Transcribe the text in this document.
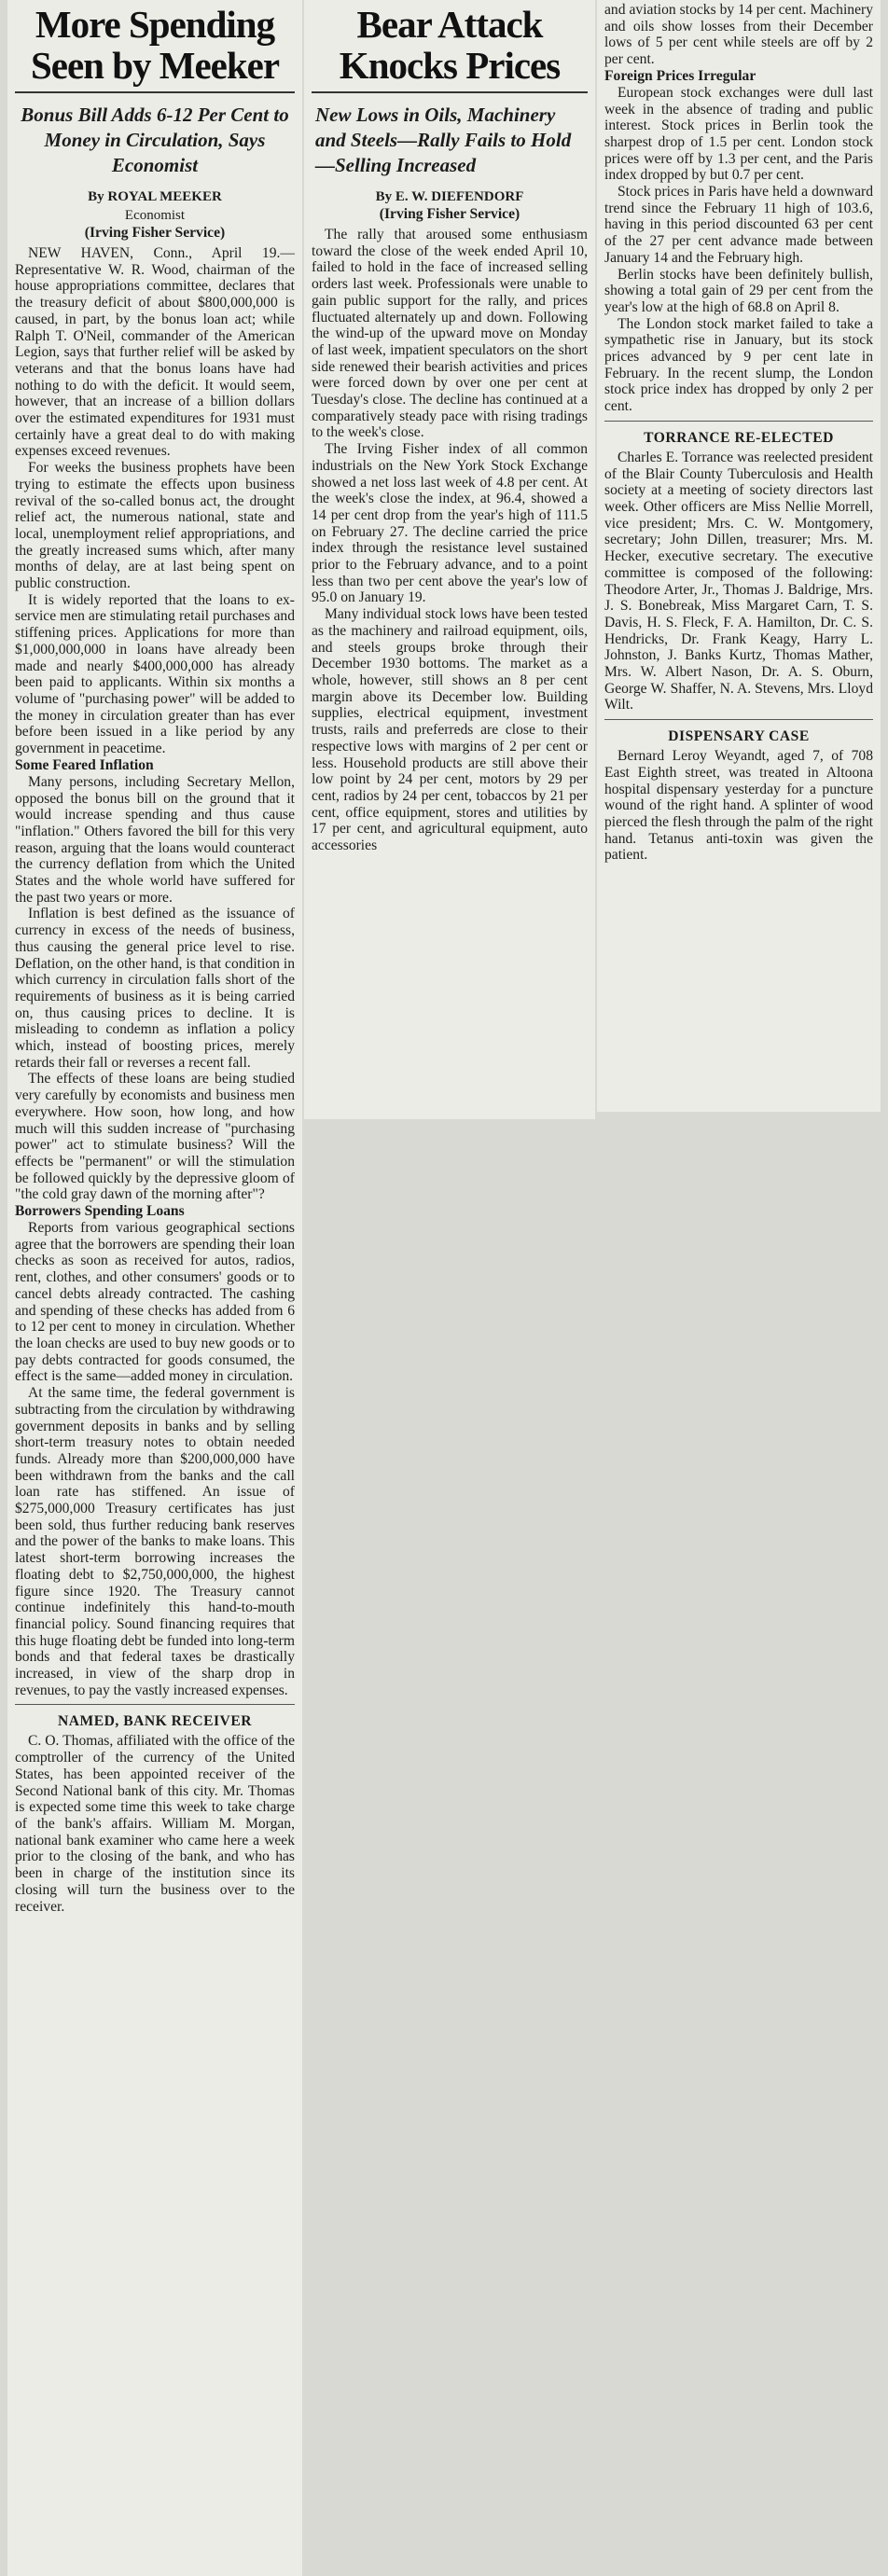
More Spending Seen by Meeker
Bonus Bill Adds 6-12 Per Cent to Money in Circulation, Says Economist
By ROYAL MEEKER
Economist
(Irving Fisher Service)

NEW HAVEN, Conn., April 19.—Representative W. R. Wood, chairman of the house appropriations committee, declares that the treasury deficit of about $800,000,000 is caused, in part, by the bonus loan act; while Ralph T. O'Neil, commander of the American Legion, says that further relief will be asked by veterans and that the bonus loans have had nothing to do with the deficit. It would seem, however, that an increase of a billion dollars over the estimated expenditures for 1931 must certainly have a great deal to do with making expenses exceed revenues.

For weeks the business prophets have been trying to estimate the effects upon business revival of the so-called bonus act, the drought relief act, the numerous national, state and local, unemployment relief appropriations, and the greatly increased sums which, after many months of delay, are at last being spent on public construction.

It is widely reported that the loans to ex-service men are stimulating retail purchases and stiffening prices. Applications for more than $1,000,000,000 in loans have already been made and nearly $400,000,000 has already been paid to applicants. Within six months a volume of "purchasing power" will be added to the money in circulation greater than has ever before been issued in a like period by any government in peacetime.

Some Feared Inflation

Many persons, including Secretary Mellon, opposed the bonus bill on the ground that it would increase spending and thus cause "inflation." Others favored the bill for this very reason, arguing that the loans would counteract the currency deflation from which the United States and the whole world have suffered for the past two years or more.

Inflation is best defined as the issuance of currency in excess of the needs of business, thus causing the general price level to rise. Deflation, on the other hand, is that condition in which currency in circulation falls short of the requirements of business as it is being carried on, thus causing prices to decline. It is misleading to condemn as inflation a policy which, instead of boosting prices, merely retards their fall or reverses a recent fall.

The effects of these loans are being studied very carefully by economists and business men everywhere. How soon, how long, and how much will this sudden increase of "purchasing power" act to stimulate business? Will the effects be "permanent" or will the stimulation be followed quickly by the depressive gloom of "the cold gray dawn of the morning after"?

Borrowers Spending Loans

Reports from various geographical sections agree that the borrowers are spending their loan checks as soon as received for autos, radios, rent, clothes, and other consumers' goods or to cancel debts already contracted. The cashing and spending of these checks has added from 6 to 12 per cent to money in circulation. Whether the loan checks are used to buy new goods or to pay debts contracted for goods consumed, the effect is the same—added money in circulation.

At the same time, the federal government is subtracting from the circulation by withdrawing government deposits in banks and by selling short-term treasury notes to obtain needed funds. Already more than $200,000,000 have been withdrawn from the banks and the call loan rate has stiffened. An issue of $275,000,000 Treasury certificates has just been sold, thus further reducing bank reserves and the power of the banks to make loans. This latest short-term borrowing increases the floating debt to $2,750,000,000, the highest figure since 1920. The Treasury cannot continue indefinitely this hand-to-mouth financial policy. Sound financing requires that this huge floating debt be funded into long-term bonds and that federal taxes be drastically increased, in view of the sharp drop in revenues, to pay the vastly increased expenses.

NAMED, BANK RECEIVER

C. O. Thomas, affiliated with the office of the comptroller of the currency of the United States, has been appointed receiver of the Second National bank of this city. Mr. Thomas is expected some time this week to take charge of the bank's affairs. William M. Morgan, national bank examiner who came here a week prior to the closing of the bank, and who has been in charge of the institution since its closing will turn the business over to the receiver.

Bear Attack Knocks Prices
New Lows in Oils, Machinery and Steels—Rally Fails to Hold—Selling Increased
By E. W. DIEFENDORF
(Irving Fisher Service)

The rally that aroused some enthusiasm toward the close of the week ended April 10, failed to hold in the face of increased selling orders last week. Professionals were unable to gain public support for the rally, and prices fluctuated alternately up and down. Following the wind-up of the upward move on Monday of last week, impatient speculators on the short side renewed their bearish activities and prices were forced down by over one per cent at Tuesday's close. The decline has continued at a comparatively steady pace with rising tradings to the week's close.

The Irving Fisher index of all common industrials on the New York Stock Exchange showed a net loss last week of 4.8 per cent. At the week's close the index, at 96.4, showed a 14 per cent drop from the year's high of 111.5 on February 27. The decline carried the price index through the resistance level sustained prior to the February advance, and to a point less than two per cent above the year's low of 95.0 on January 19.

Many individual stock lows have been tested as the machinery and railroad equipment, oils, and steels groups broke through their December 1930 bottoms. The market as a whole, however, still shows an 8 per cent margin above its December low. Building supplies, electrical equipment, investment trusts, rails and preferreds are close to their respective lows with margins of 2 per cent or less. Household products are still above their low point by 24 per cent, motors by 29 per cent, radios by 24 per cent, tobaccos by 21 per cent, office equipment, stores and utilities by 17 per cent, and agricultural equipment, auto accessories

and aviation stocks by 14 per cent. Machinery and oils show losses from their December lows of 5 per cent while steels are off by 2 per cent.

Foreign Prices Irregular

European stock exchanges were dull last week in the absence of trading and public interest. Stock prices in Berlin took the sharpest drop of 1.5 per cent. London stock prices were off by 1.3 per cent, and the Paris index dropped by but 0.7 per cent.

Stock prices in Paris have held a downward trend since the February 11 high of 103.6, having in this period discounted 63 per cent of the 27 per cent advance made between January 14 and the February high.

Berlin stocks have been definitely bullish, showing a total gain of 29 per cent from the year's low at the high of 68.8 on April 8.

The London stock market failed to take a sympathetic rise in January, but its stock prices advanced by 9 per cent late in February. In the recent slump, the London stock price index has dropped by only 2 per cent.

TORRANCE RE-ELECTED

Charles E. Torrance was reelected president of the Blair County Tuberculosis and Health society at a meeting of society directors last week. Other officers are Miss Nellie Morrell, vice president; Mrs. C. W. Montgomery, secretary; John Dillen, treasurer; Mrs. M. Hecker, executive secretary. The executive committee is composed of the following: Theodore Arter, Jr., Thomas J. Baldrige, Mrs. J. S. Bonebreak, Miss Margaret Carn, T. S. Davis, H. S. Fleck, F. A. Hamilton, Dr. C. S. Hendricks, Dr. Frank Keagy, Harry L. Johnston, J. Banks Kurtz, Thomas Mather, Mrs. W. Albert Nason, Dr. A. S. Oburn, George W. Shaffer, N. A. Stevens, Mrs. Lloyd Wilt.

DISPENSARY CASE

Bernard Leroy Weyandt, aged 7, of 708 East Eighth street, was treated in Altoona hospital dispensary yesterday for a puncture wound of the right hand. A splinter of wood pierced the flesh through the palm of the right hand. Tetanus anti-toxin was given the patient.
